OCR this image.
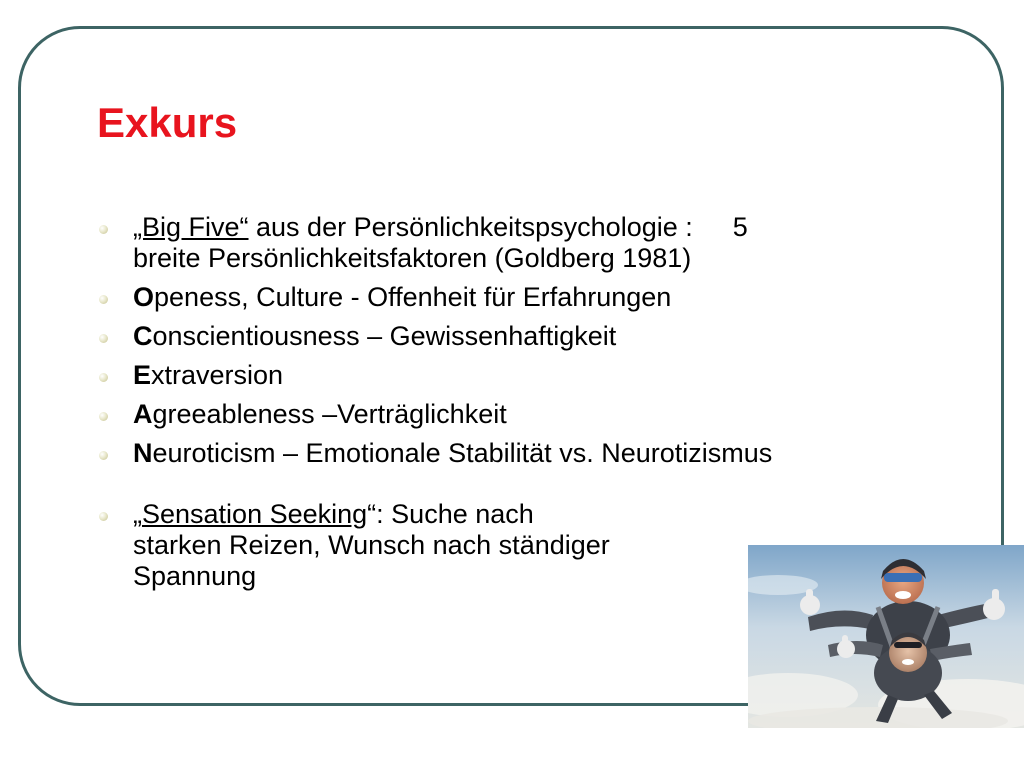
Exkurs
„Big Five“ aus der Persönlichkeitspsychologie : 5
breite Persönlichkeitsfaktoren (Goldberg 1981)
Openess, Culture - Offenheit für Erfahrungen
Conscientiousness – Gewissenhaftigkeit
Extraversion
Agreeableness –Verträglichkeit
Neuroticism – Emotionale Stabilität vs. Neurotizismus
„Sensation Seeking“: Suche nach
starken Reizen, Wunsch nach ständiger
Spannung
